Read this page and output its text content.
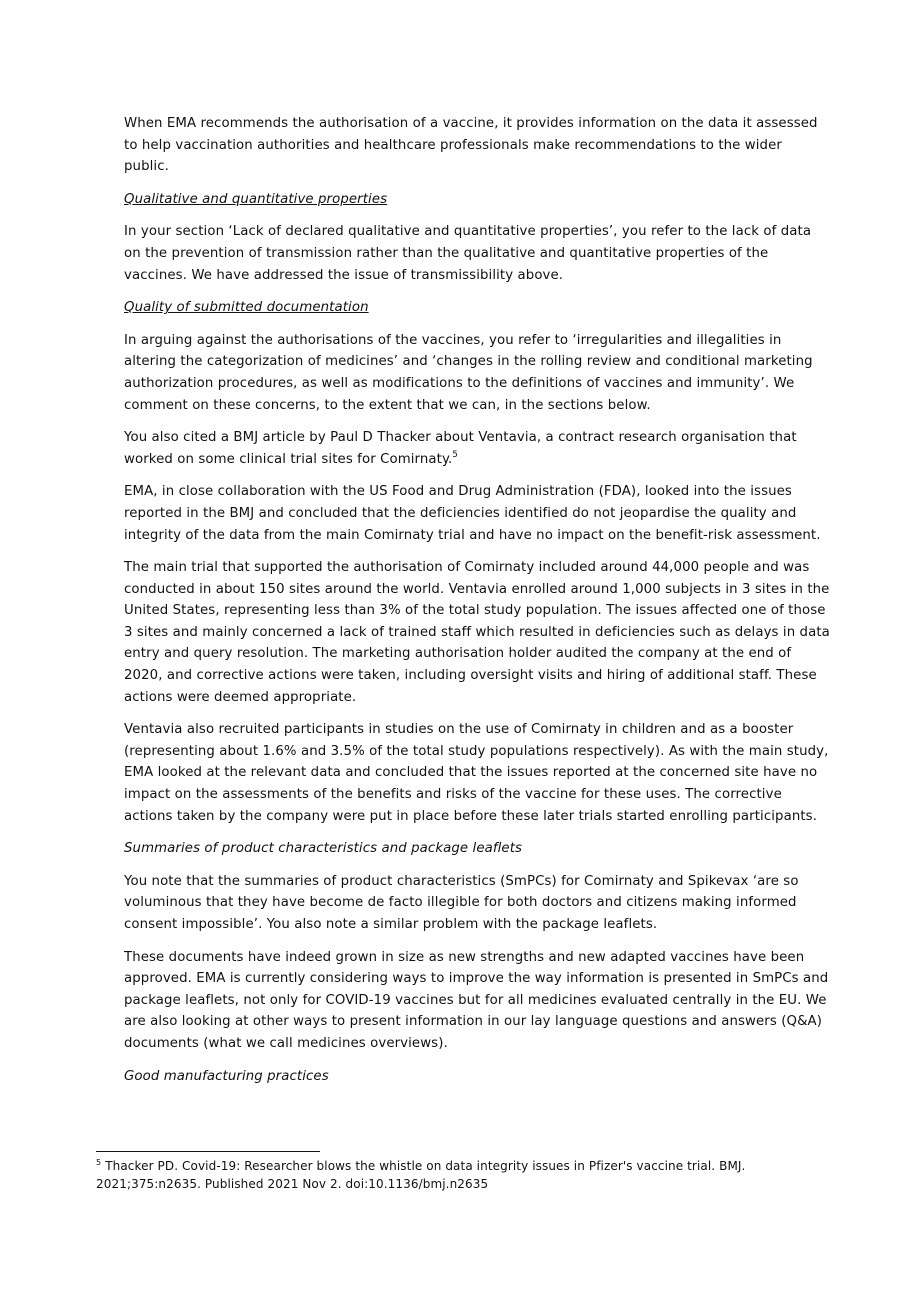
When EMA recommends the authorisation of a vaccine, it provides information on the data it assessed to help vaccination authorities and healthcare professionals make recommendations to the wider public.

Qualitative and quantitative properties

In your section ‘Lack of declared qualitative and quantitative properties’, you refer to the lack of data on the prevention of transmission rather than the qualitative and quantitative properties of the vaccines. We have addressed the issue of transmissibility above.

Quality of submitted documentation

In arguing against the authorisations of the vaccines, you refer to ‘irregularities and illegalities in altering the categorization of medicines’ and ‘changes in the rolling review and conditional marketing authorization procedures, as well as modifications to the definitions of vaccines and immunity’. We comment on these concerns, to the extent that we can, in the sections below.

You also cited a BMJ article by Paul D Thacker about Ventavia, a contract research organisation that worked on some clinical trial sites for Comirnaty.$^5$

EMA, in close collaboration with the US Food and Drug Administration (FDA), looked into the issues reported in the BMJ and concluded that the deficiencies identified do not jeopardise the quality and integrity of the data from the main Comirnaty trial and have no impact on the benefit-risk assessment.

The main trial that supported the authorisation of Comirnaty included around 44,000 people and was conducted in about 150 sites around the world. Ventavia enrolled around 1,000 subjects in 3 sites in the United States, representing less than 3% of the total study population. The issues affected one of those 3 sites and mainly concerned a lack of trained staff which resulted in deficiencies such as delays in data entry and query resolution. The marketing authorisation holder audited the company at the end of 2020, and corrective actions were taken, including oversight visits and hiring of additional staff. These actions were deemed appropriate.

Ventavia also recruited participants in studies on the use of Comirnaty in children and as a booster (representing about 1.6% and 3.5% of the total study populations respectively). As with the main study, EMA looked at the relevant data and concluded that the issues reported at the concerned site have no impact on the assessments of the benefits and risks of the vaccine for these uses. The corrective actions taken by the company were put in place before these later trials started enrolling participants.

Summaries of product characteristics and package leaflets

You note that the summaries of product characteristics (SmPCs) for Comirnaty and Spikevax ‘are so voluminous that they have become de facto illegible for both doctors and citizens making informed consent impossible’. You also note a similar problem with the package leaflets.

These documents have indeed grown in size as new strengths and new adapted vaccines have been approved. EMA is currently considering ways to improve the way information is presented in SmPCs and package leaflets, not only for COVID-19 vaccines but for all medicines evaluated centrally in the EU. We are also looking at other ways to present information in our lay language questions and answers (Q&A) documents (what we call medicines overviews).

Good manufacturing practices

$^5$ Thacker PD. Covid-19: Researcher blows the whistle on data integrity issues in Pfizer's vaccine trial. BMJ. 2021;375:n2635. Published 2021 Nov 2. doi:10.1136/bmj.n2635
